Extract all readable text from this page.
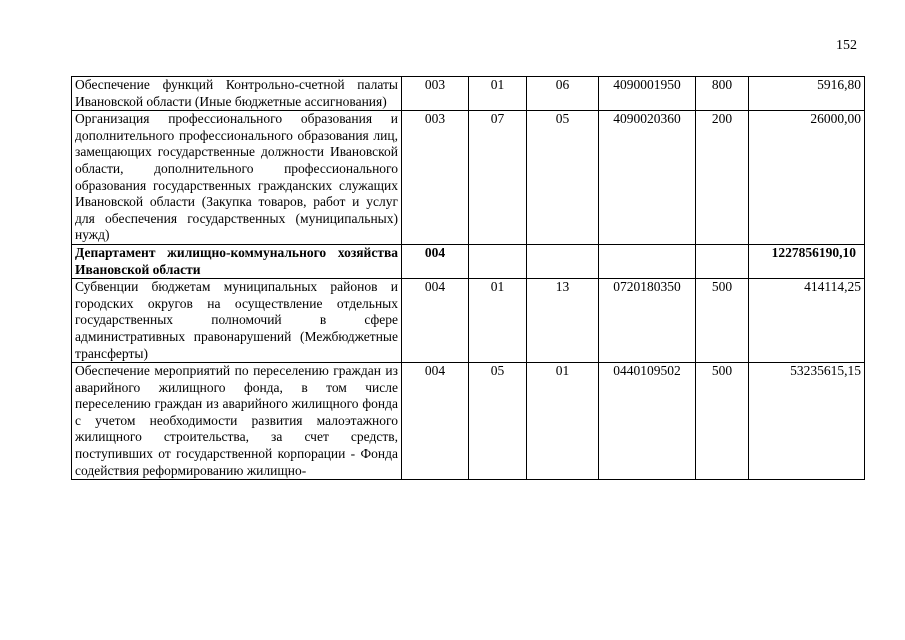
152
Обеспечение функций Контрольно-счетной палаты Ивановской области (Иные бюджетные ассигнования)	003	01	06	4090001950	800	5916,80
Организация профессионального образования и дополнительного профессионального образования лиц, замещающих государственные должности Ивановской области, дополнительного профессионального образования государственных гражданских служащих Ивановской области (Закупка товаров, работ и услуг для обеспечения государственных (муниципальных) нужд)	003	07	05	4090020360	200	26000,00
Департамент жилищно-коммунального хозяйства Ивановской области	004					1227856190,10
Субвенции бюджетам муниципальных районов и городских округов на осуществление отдельных государственных полномочий в сфере административных правонарушений (Межбюджетные трансферты)	004	01	13	0720180350	500	414114,25
Обеспечение мероприятий по переселению граждан из аварийного жилищного фонда, в том числе переселению граждан из аварийного жилищного фонда с учетом необходимости развития малоэтажного жилищного строительства, за счет средств, поступивших от государственной корпорации - Фонда содействия реформированию жилищно-	004	05	01	0440109502	500	53235615,15
